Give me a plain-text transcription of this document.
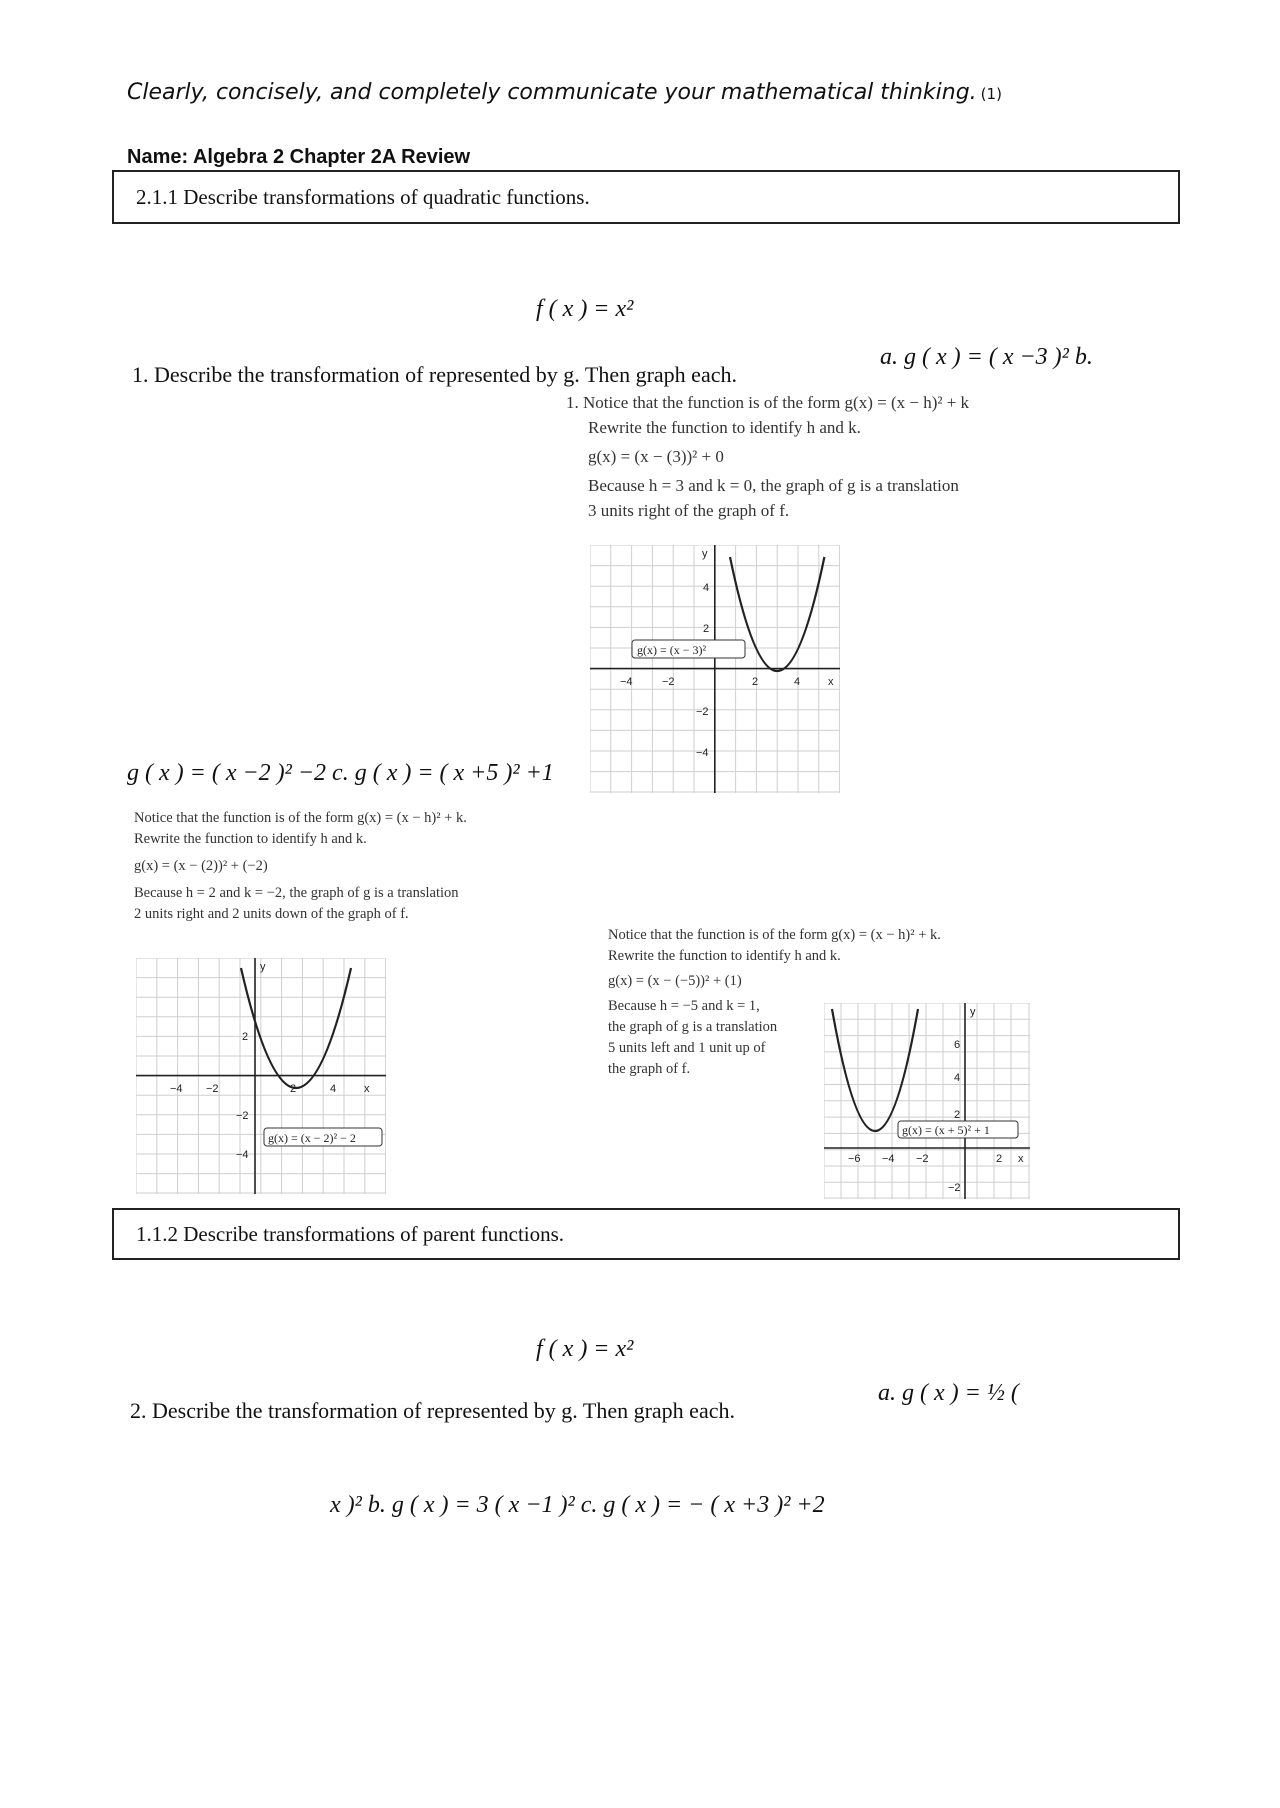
Clearly, concisely, and completely communicate your mathematical thinking. (1)
Name: Algebra 2 Chapter 2A Review
2.1.1 Describe transformations of quadratic functions.
f ( x ) = x²
1. Describe the transformation of represented by g. Then graph each.
a. g ( x ) = ( x −3 )² b.
1. Notice that the function is of the form g(x) = (x − h)² + k
Rewrite the function to identify h and k.
g(x) = (x − (3))² + 0
Because h = 3 and k = 0, the graph of g is a translation
3 units right of the graph of f.
−4	−2	2	4	x
y
4
2
−2
−4
g(x) = (x − 3)²
g ( x ) = ( x −2 )² −2 c. g ( x ) = ( x +5 )² +1
Notice that the function is of the form g(x) = (x − h)² + k.
Rewrite the function to identify h and k.
g(x) = (x − (2))² + (−2)
Because h = 2 and k = −2, the graph of g is a translation
2 units right and 2 units down of the graph of f.
−4 −2	2	4	x
y
2
−2
−4
g(x) = (x − 2)² − 2
Notice that the function is of the form g(x) = (x − h)² + k.
Rewrite the function to identify h and k.
g(x) = (x − (−5))² + (1)
Because h = −5 and k = 1,
the graph of g is a translation
5 units left and 1 unit up of
the graph of f.
−6 −4 −2	2 x
y
6
4
2
−2
g(x) = (x + 5)² + 1
1.1.2 Describe transformations of parent functions.
f ( x ) = x²
2. Describe the transformation of represented by g. Then graph each.
a. g ( x ) = ½ (
x )² b. g ( x ) = 3 ( x −1 )² c. g ( x ) = − ( x +3 )² +2
